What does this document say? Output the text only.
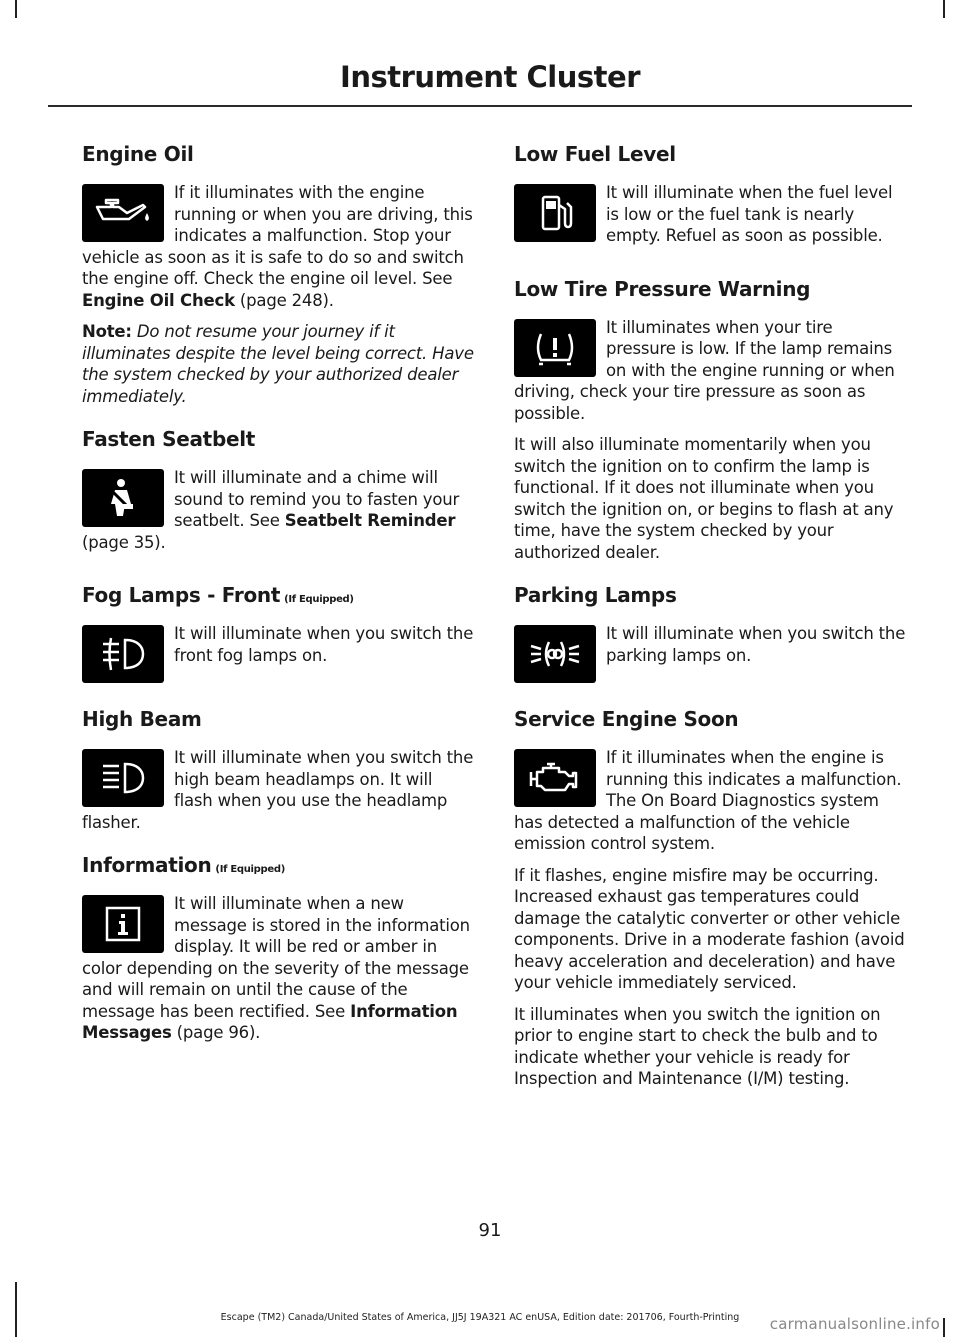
Instrument Cluster
Engine Oil

If it illuminates with the engine running or when you are driving, this indicates a malfunction. Stop your vehicle as soon as it is safe to do so and switch the engine off. Check the engine oil level. See Engine Oil Check (page 248).

Note: Do not resume your journey if it illuminates despite the level being correct. Have the system checked by your authorized dealer immediately.

Fasten Seatbelt

It will illuminate and a chime will sound to remind you to fasten your seatbelt. See Seatbelt Reminder (page 35).

Fog Lamps - Front (If Equipped)

It will illuminate when you switch the front fog lamps on.

High Beam

It will illuminate when you switch the high beam headlamps on. It will flash when you use the headlamp flasher.

Information (If Equipped)

It will illuminate when a new message is stored in the information display. It will be red or amber in color depending on the severity of the message and will remain on until the cause of the message has been rectified. See Information Messages (page 96).

Low Fuel Level

It will illuminate when the fuel level is low or the fuel tank is nearly empty. Refuel as soon as possible.

Low Tire Pressure Warning

It illuminates when your tire pressure is low. If the lamp remains on with the engine running or when driving, check your tire pressure as soon as possible.

It will also illuminate momentarily when you switch the ignition on to confirm the lamp is functional. If it does not illuminate when you switch the ignition on, or begins to flash at any time, have the system checked by your authorized dealer.

Parking Lamps

It will illuminate when you switch the parking lamps on.

Service Engine Soon

If it illuminates when the engine is running this indicates a malfunction. The On Board Diagnostics system has detected a malfunction of the vehicle emission control system.

If it flashes, engine misfire may be occurring. Increased exhaust gas temperatures could damage the catalytic converter or other vehicle components. Drive in a moderate fashion (avoid heavy acceleration and deceleration) and have your vehicle immediately serviced.

It illuminates when you switch the ignition on prior to engine start to check the bulb and to indicate whether your vehicle is ready for Inspection and Maintenance (I/M) testing.

91
Escape (TM2) Canada/United States of America, JJ5J 19A321 AC enUSA, Edition date: 201706, Fourth-Printing	carmanualsonline.info
